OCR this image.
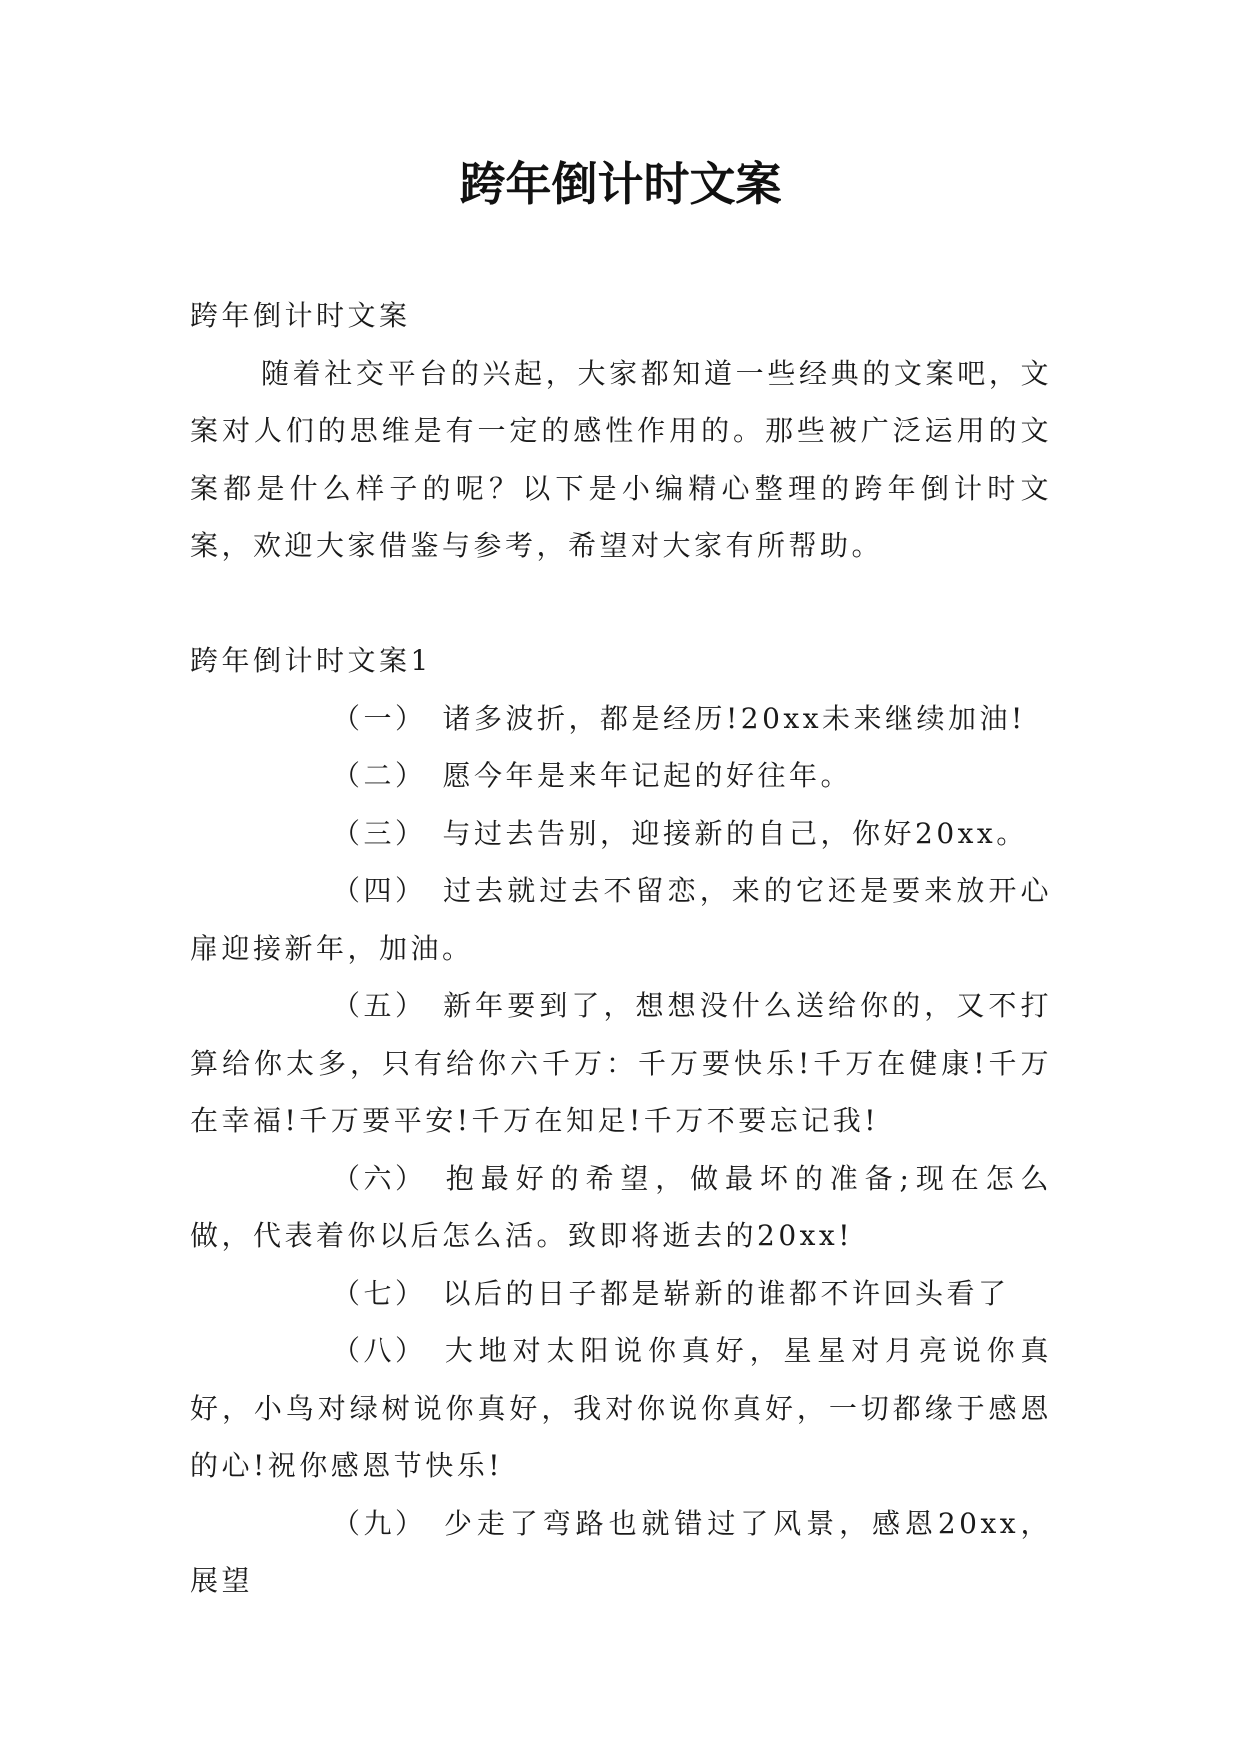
跨年倒计时文案

跨年倒计时文案

随着社交平台的兴起，大家都知道一些经典的文案吧，文案对人们的思维是有一定的感性作用的。那些被广泛运用的文案都是什么样子的呢？以下是小编精心整理的跨年倒计时文案，欢迎大家借鉴与参考，希望对大家有所帮助。

跨年倒计时文案1

（一） 诸多波折，都是经历!20xx未来继续加油!

（二） 愿今年是来年记起的好往年。

（三） 与过去告别，迎接新的自己，你好20xx。

（四） 过去就过去不留恋，来的它还是要来放开心扉迎接新年，加油。

（五） 新年要到了，想想没什么送给你的，又不打算给你太多，只有给你六千万：千万要快乐!千万在健康!千万在幸福!千万要平安!千万在知足!千万不要忘记我!

（六） 抱最好的希望，做最坏的准备;现在怎么做，代表着你以后怎么活。致即将逝去的20xx!

（七） 以后的日子都是崭新的谁都不许回头看了

（八） 大地对太阳说你真好，星星对月亮说你真好，小鸟对绿树说你真好，我对你说你真好，一切都缘于感恩的心!祝你感恩节快乐!

（九） 少走了弯路也就错过了风景，感恩20xx，展望
